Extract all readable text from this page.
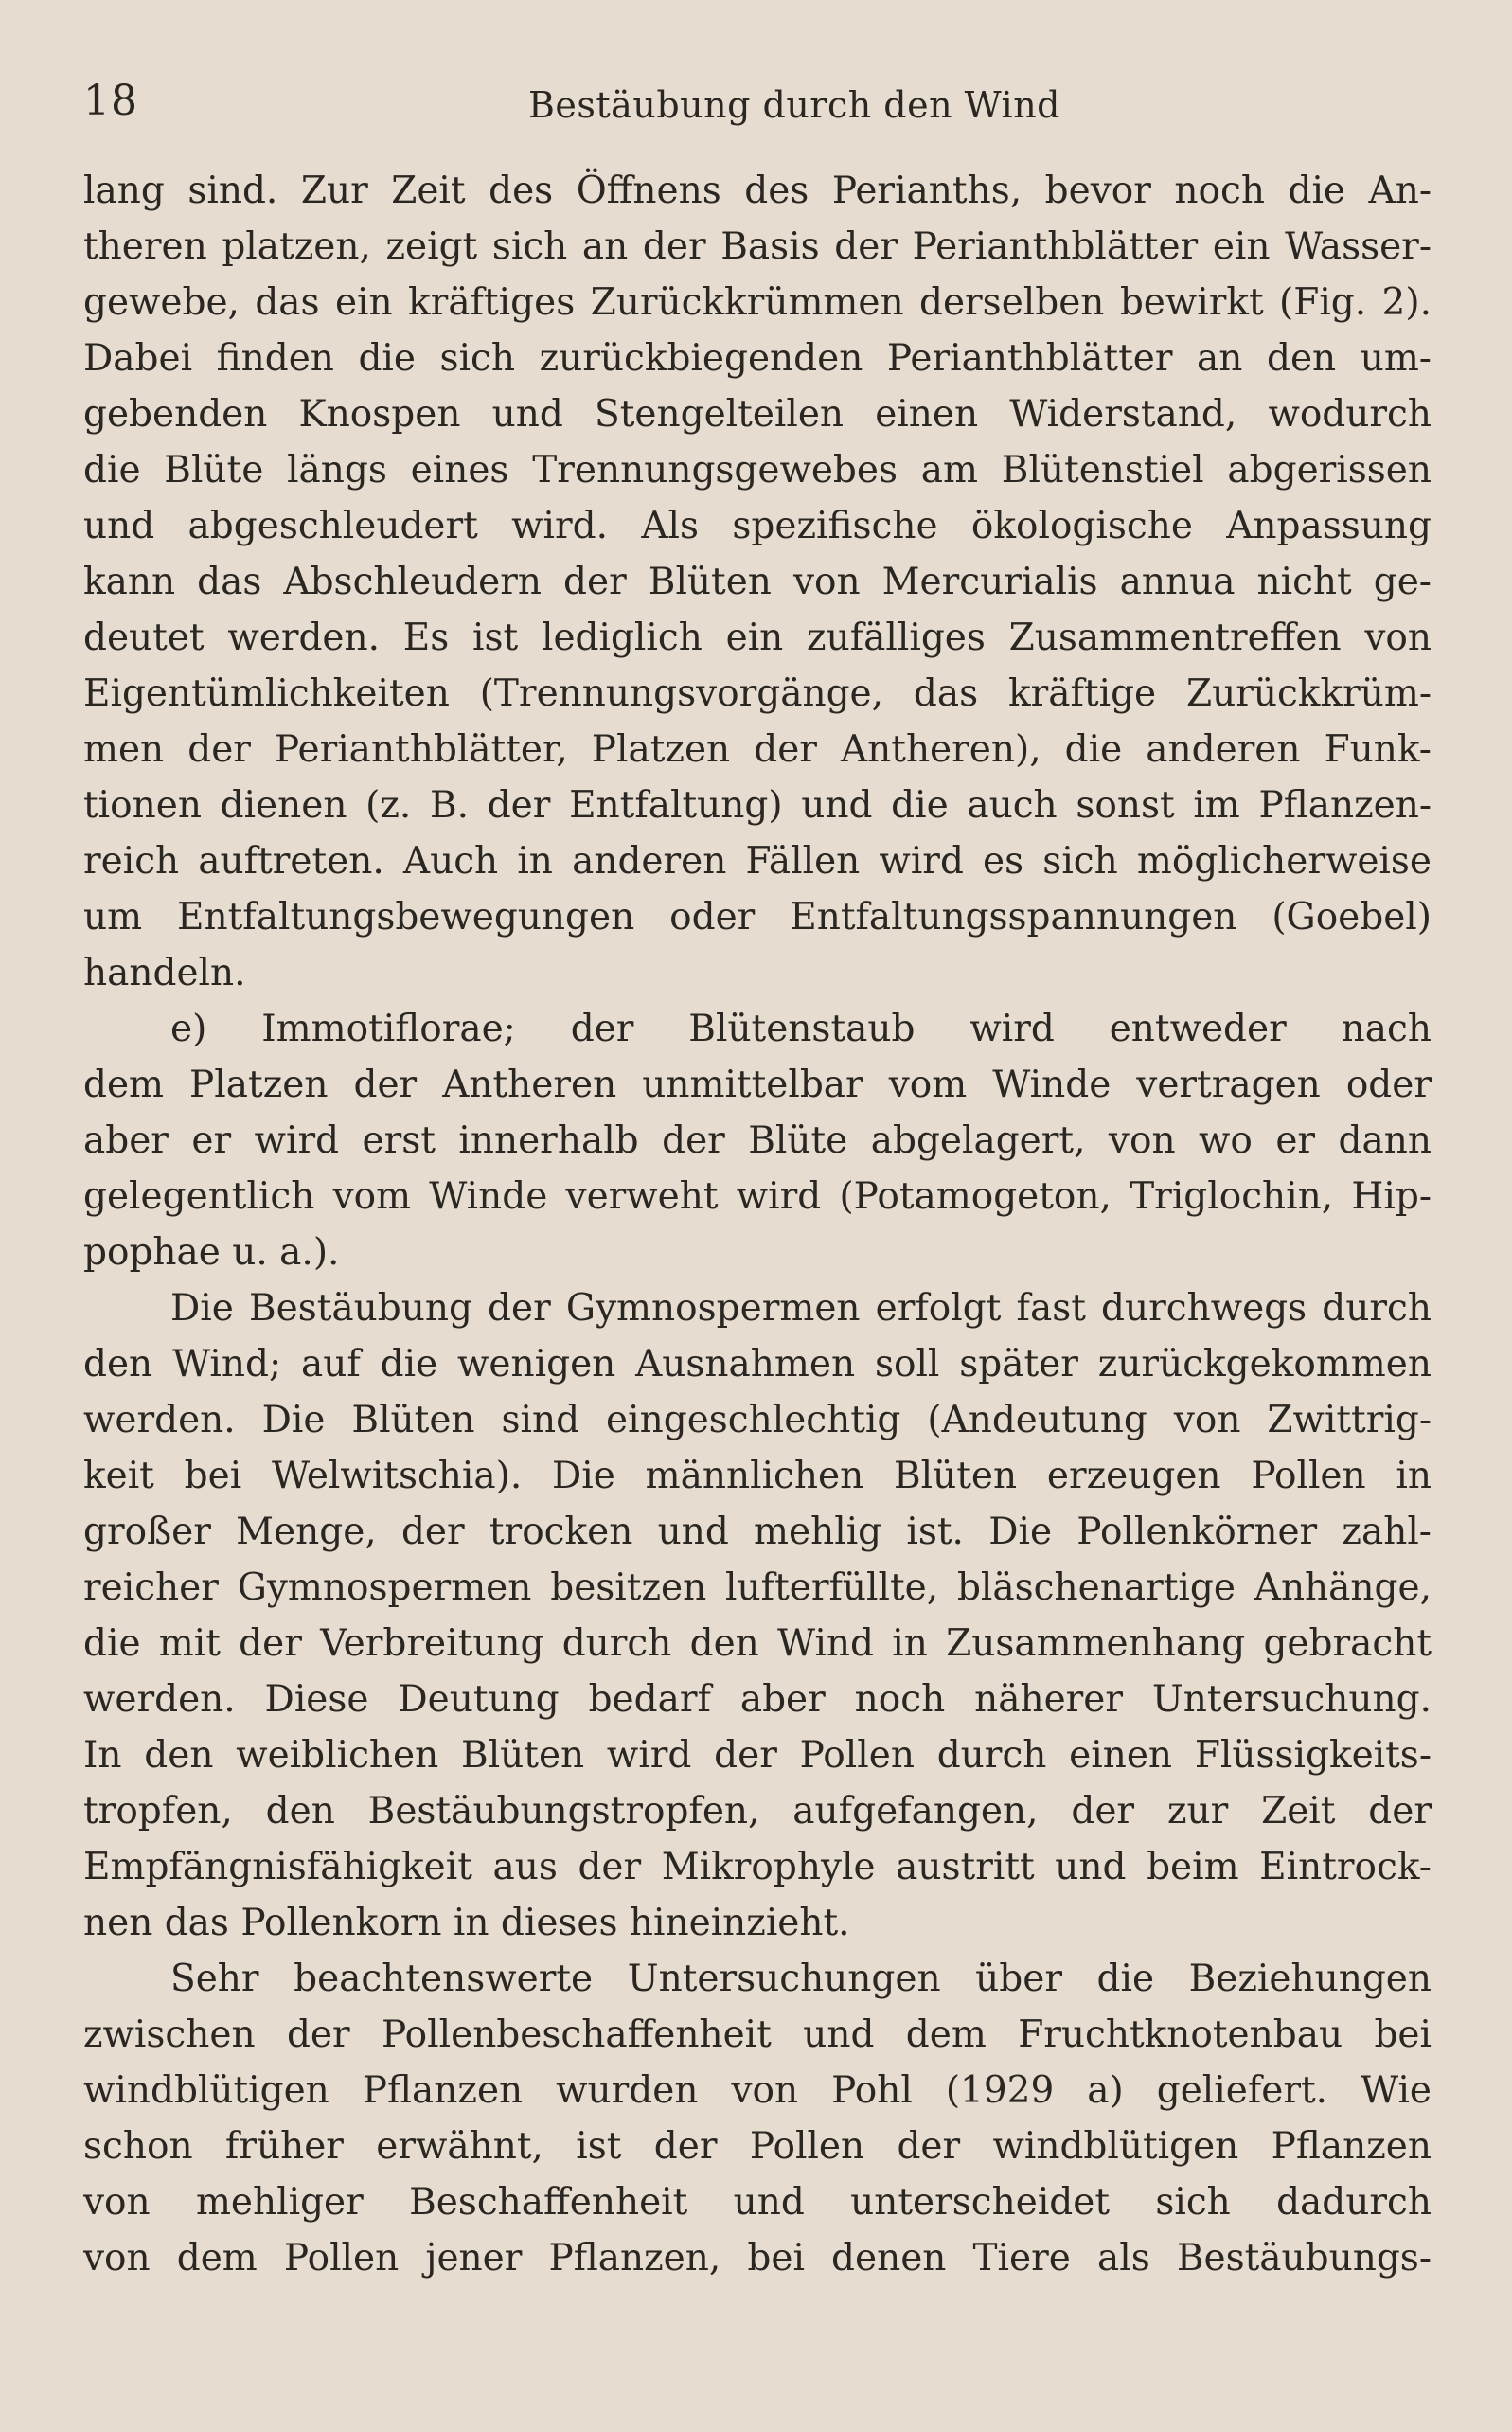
18	Bestäubung durch den Wind
lang sind. Zur Zeit des Öffnens des Perianths, bevor noch die An-
theren platzen, zeigt sich an der Basis der Perianthblätter ein Wasser-
gewebe, das ein kräftiges Zurückkrümmen derselben bewirkt (Fig. 2).
Dabei finden die sich zurückbiegenden Perianthblätter an den um-
gebenden Knospen und Stengelteilen einen Widerstand, wodurch
die Blüte längs eines Trennungsgewebes am Blütenstiel abgerissen
und abgeschleudert wird. Als spezifische ökologische Anpassung
kann das Abschleudern der Blüten von Mercurialis annua nicht ge-
deutet werden. Es ist lediglich ein zufälliges Zusammentreffen von
Eigentümlichkeiten (Trennungsvorgänge, das kräftige Zurückkrüm-
men der Perianthblätter, Platzen der Antheren), die anderen Funk-
tionen dienen (z. B. der Entfaltung) und die auch sonst im Pflanzen-
reich auftreten. Auch in anderen Fällen wird es sich möglicherweise
um Entfaltungsbewegungen oder Entfaltungsspannungen (Goebel)
handeln.
e) Immotiflorae; der Blütenstaub wird entweder nach
dem Platzen der Antheren unmittelbar vom Winde vertragen oder
aber er wird erst innerhalb der Blüte abgelagert, von wo er dann
gelegentlich vom Winde verweht wird (Potamogeton, Triglochin, Hip-
pophae u. a.).
Die Bestäubung der Gymnospermen erfolgt fast durchwegs durch
den Wind; auf die wenigen Ausnahmen soll später zurückgekommen
werden. Die Blüten sind eingeschlechtig (Andeutung von Zwittrig-
keit bei Welwitschia). Die männlichen Blüten erzeugen Pollen in
großer Menge, der trocken und mehlig ist. Die Pollenkörner zahl-
reicher Gymnospermen besitzen lufterfüllte, bläschenartige Anhänge,
die mit der Verbreitung durch den Wind in Zusammenhang gebracht
werden. Diese Deutung bedarf aber noch näherer Untersuchung.
In den weiblichen Blüten wird der Pollen durch einen Flüssigkeits-
tropfen, den Bestäubungstropfen, aufgefangen, der zur Zeit der
Empfängnisfähigkeit aus der Mikrophyle austritt und beim Eintrock-
nen das Pollenkorn in dieses hineinzieht.
Sehr beachtenswerte Untersuchungen über die Beziehungen
zwischen der Pollenbeschaffenheit und dem Fruchtknotenbau bei
windblütigen Pflanzen wurden von Pohl (1929 a) geliefert. Wie
schon früher erwähnt, ist der Pollen der windblütigen Pflanzen
von mehliger Beschaffenheit und unterscheidet sich dadurch
von dem Pollen jener Pflanzen, bei denen Tiere als Bestäubungs-
